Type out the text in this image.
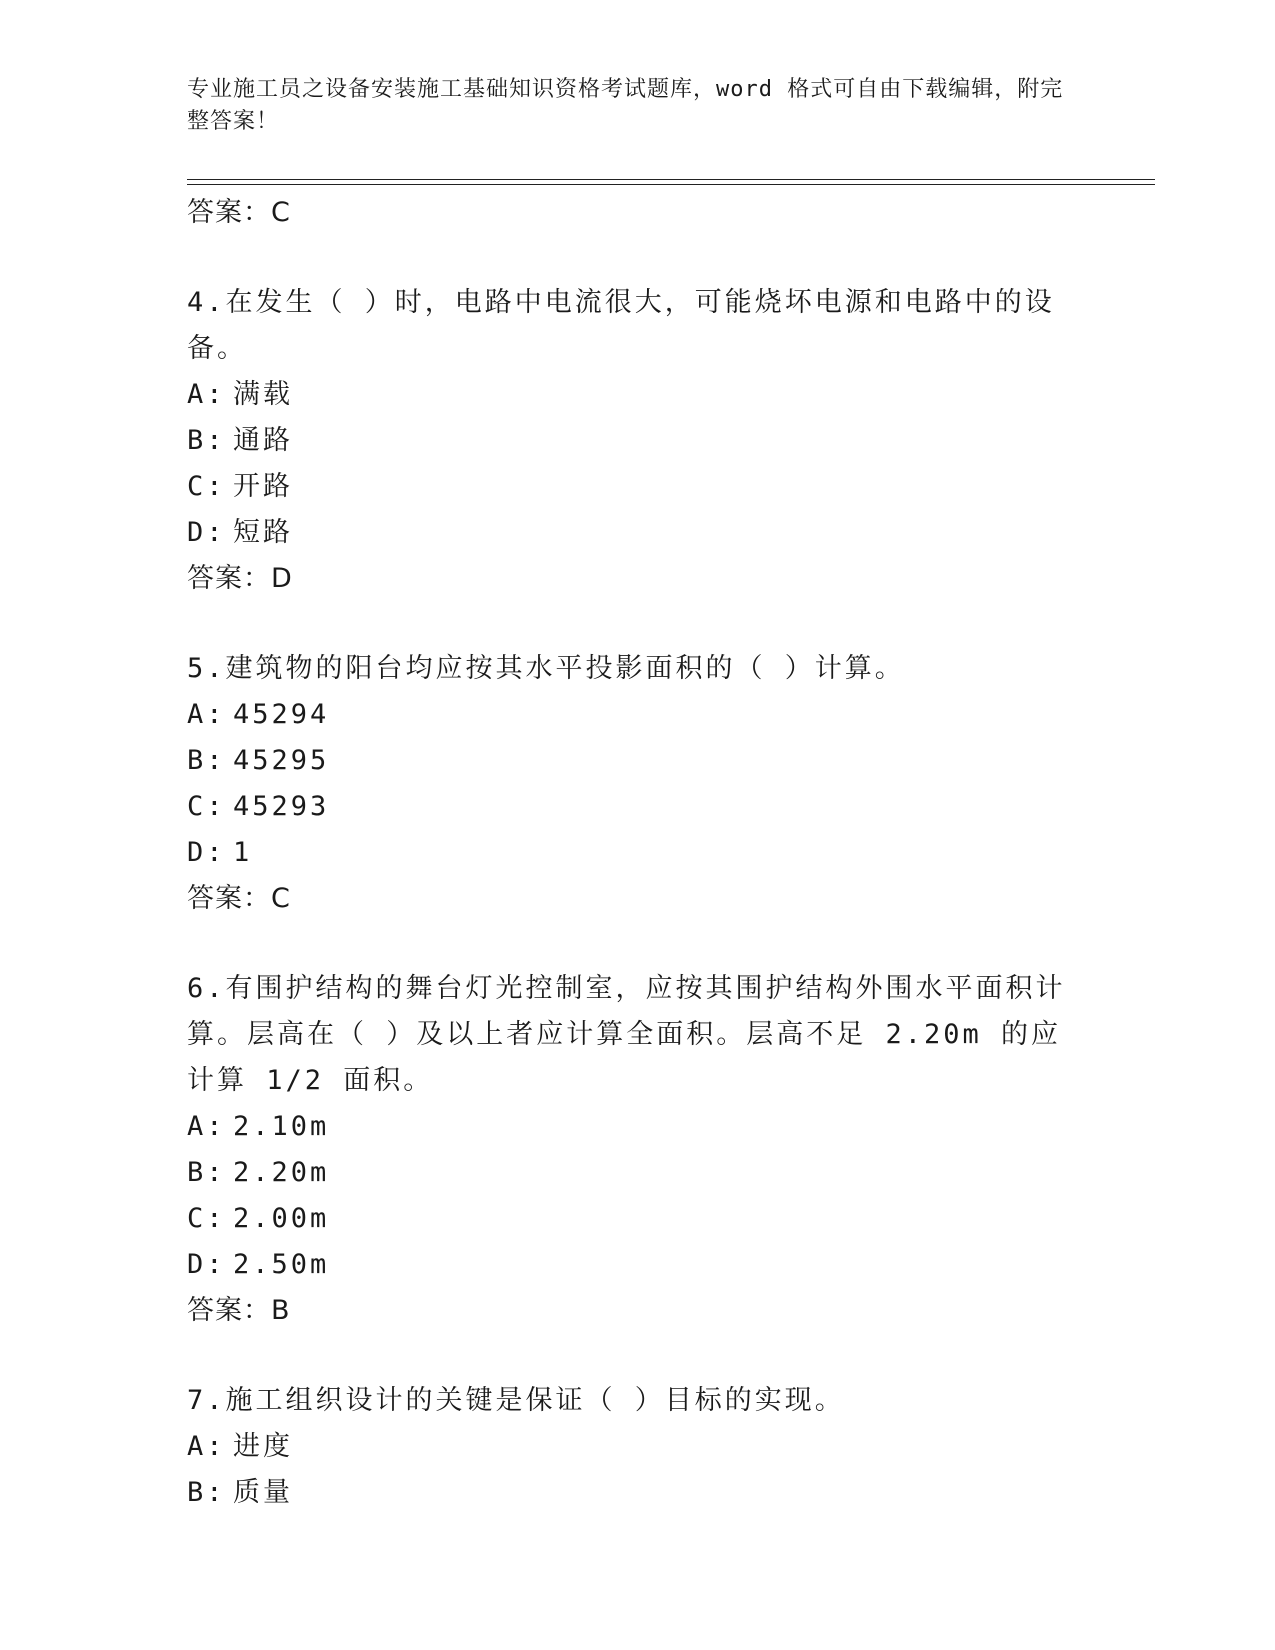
专业施工员之设备安装施工基础知识资格考试题库，word 格式可自由下载编辑，附完整答案！
答案：C
4.在发生（ ）时，电路中电流很大，可能烧坏电源和电路中的设备。
A: 满载
B: 通路
C: 开路
D: 短路
答案：D
5.建筑物的阳台均应按其水平投影面积的（ ）计算。
A: 45294
B: 45295
C: 45293
D: 1
答案：C
6.有围护结构的舞台灯光控制室，应按其围护结构外围水平面积计算。层高在（ ）及以上者应计算全面积。层高不足 2.20m 的应计算 1/2 面积。
A: 2.10m
B: 2.20m
C: 2.00m
D: 2.50m
答案：B
7.施工组织设计的关键是保证（ ）目标的实现。
A: 进度
B: 质量
